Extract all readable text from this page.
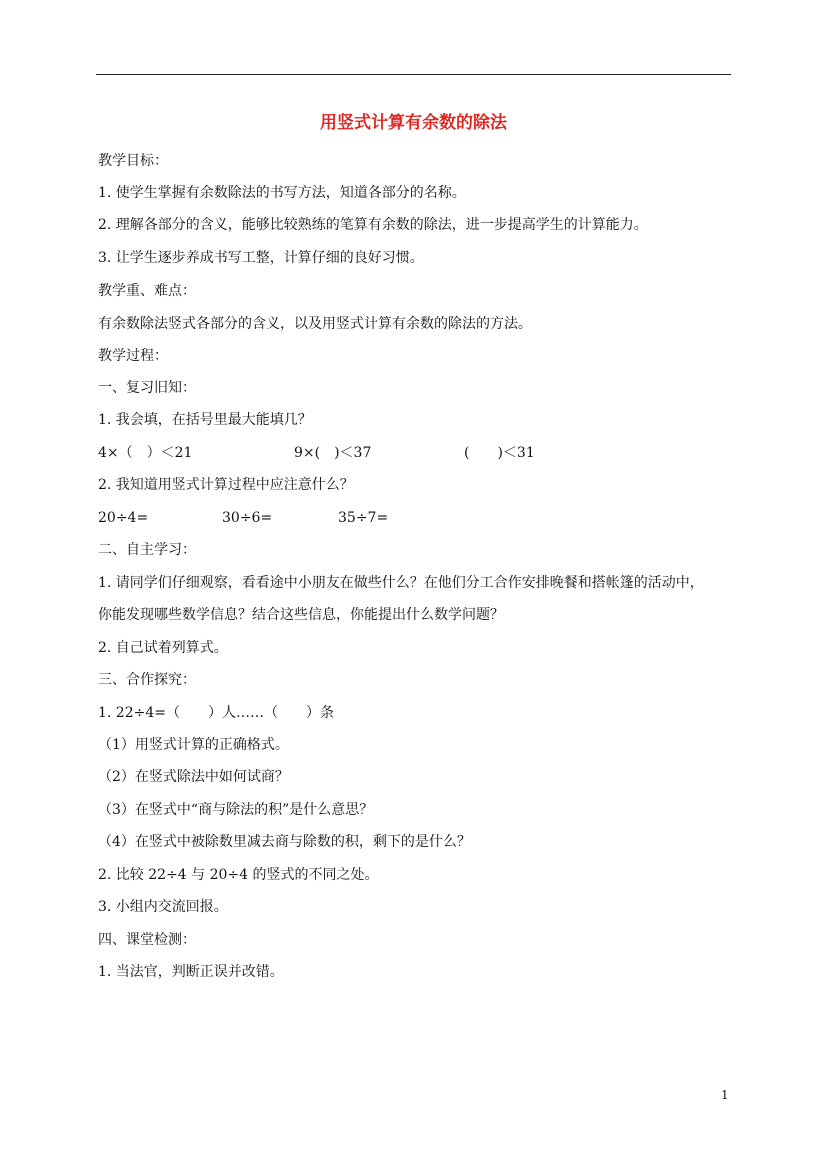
用竖式计算有余数的除法
教学目标：
1. 使学生掌握有余数除法的书写方法，知道各部分的名称。
2. 理解各部分的含义，能够比较熟练的笔算有余数的除法，进一步提高学生的计算能力。
3. 让学生逐步养成书写工整，计算仔细的良好习惯。
教学重、难点：
有余数除法竖式各部分的含义，以及用竖式计算有余数的除法的方法。
教学过程：
一、复习旧知：
1. 我会填，在括号里最大能填几？
4×（　）＜21	9×(　)＜37	(　　)＜31
2. 我知道用竖式计算过程中应注意什么？
20÷4=	30÷6=	35÷7=
二、自主学习：
1. 请同学们仔细观察，看看途中小朋友在做些什么？在他们分工合作安排晚餐和搭帐篷的活动中，
你能发现哪些数学信息？结合这些信息，你能提出什么数学问题？
2. 自己试着列算式。
三、合作探究：
1. 22÷4=（　　）人……（　　）条
（1）用竖式计算的正确格式。
（2）在竖式除法中如何试商？
（3）在竖式中“商与除法的积”是什么意思？
（4）在竖式中被除数里减去商与除数的积，剩下的是什么？
2. 比较 22÷4 与 20÷4 的竖式的不同之处。
3. 小组内交流回报。
四、课堂检测：
1. 当法官，判断正误并改错。
1
